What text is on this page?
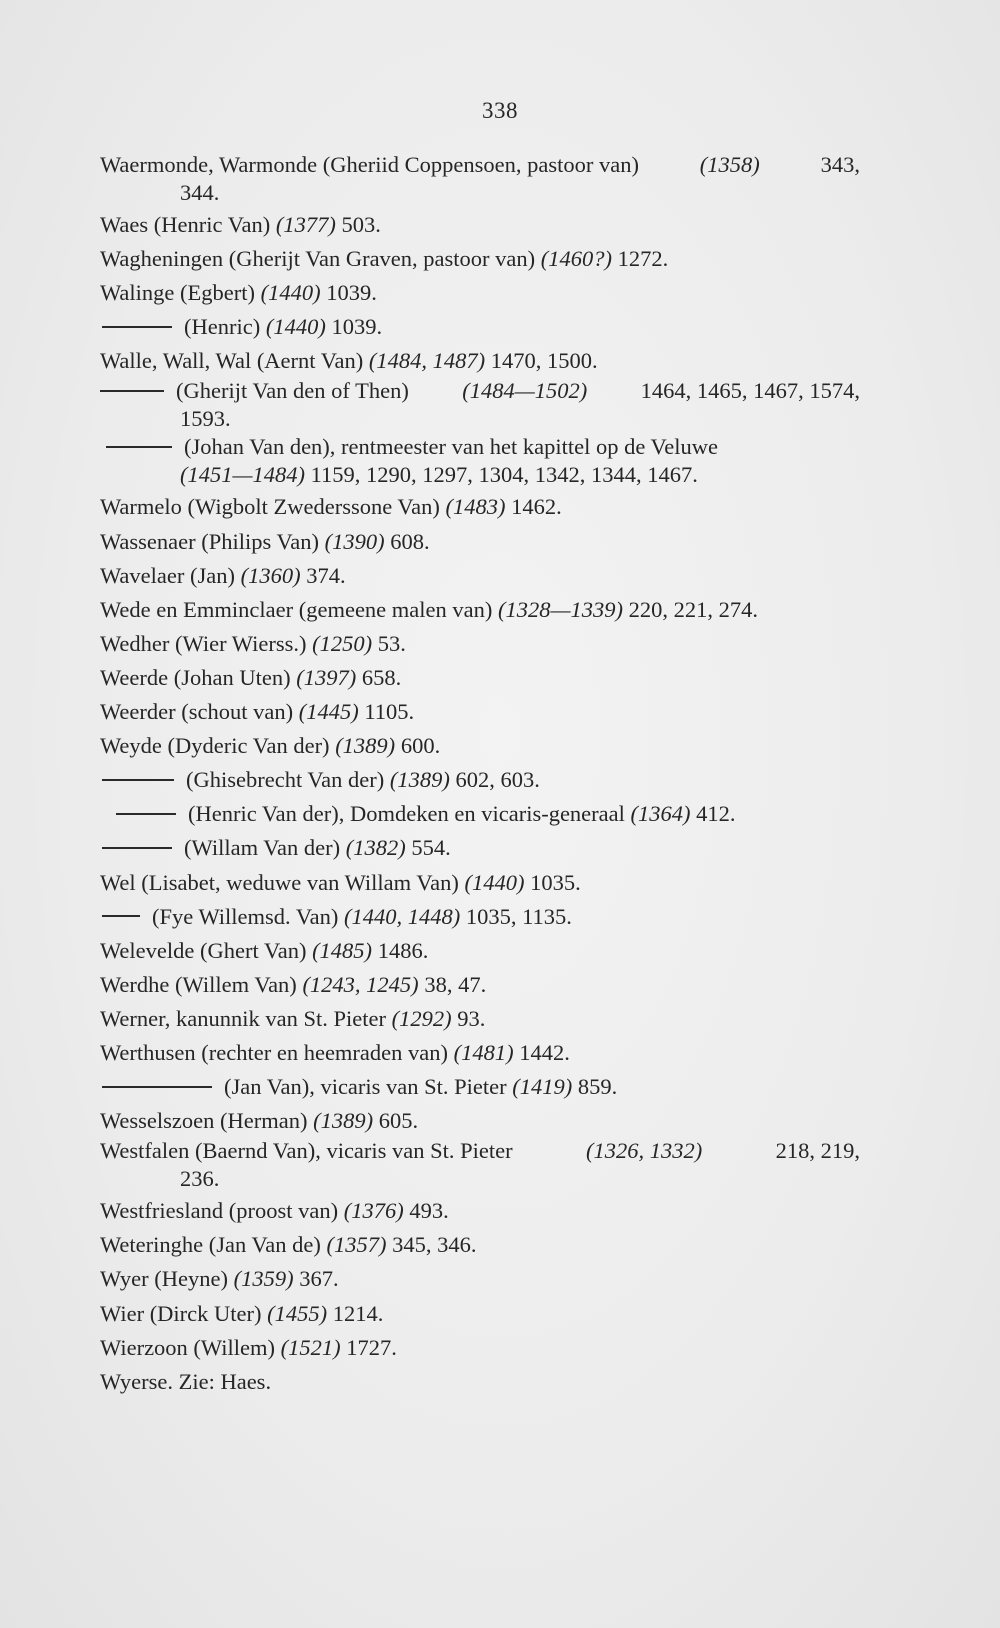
338
Waermonde, Warmonde (Gheriid Coppensoen, pastoor van)	(1358)	343,
344.
Waes (Henric Van) (1377) 503.
Wagheningen (Gherijt Van Graven, pastoor van) (1460?) 1272.
Walinge (Egbert) (1440) 1039.
(Henric) (1440) 1039.
Walle, Wall, Wal (Aernt Van) (1484, 1487) 1470, 1500.
(Gherijt Van den of Then) (1484—1502) 1464, 1465, 1467, 1574,
1593.
(Johan Van den), rentmeester van het kapittel op de Veluwe
(1451—1484) 1159, 1290, 1297, 1304, 1342, 1344, 1467.
Warmelo (Wigbolt Zwederssone Van) (1483) 1462.
Wassenaer (Philips Van) (1390) 608.
Wavelaer (Jan) (1360) 374.
Wede en Emminclaer (gemeene malen van) (1328—1339) 220, 221, 274.
Wedher (Wier Wierss.) (1250) 53.
Weerde (Johan Uten) (1397) 658.
Weerder (schout van) (1445) 1105.
Weyde (Dyderic Van der) (1389) 600.
(Ghisebrecht Van der) (1389) 602, 603.
(Henric Van der), Domdeken en vicaris-generaal (1364) 412.
(Willam Van der) (1382) 554.
Wel (Lisabet, weduwe van Willam Van) (1440) 1035.
(Fye Willemsd. Van) (1440, 1448) 1035, 1135.
Welevelde (Ghert Van) (1485) 1486.
Werdhe (Willem Van) (1243, 1245) 38, 47.
Werner, kanunnik van St. Pieter (1292) 93.
Werthusen (rechter en heemraden van) (1481) 1442.
(Jan Van), vicaris van St. Pieter (1419) 859.
Wesselszoen (Herman) (1389) 605.
Westfalen (Baernd Van), vicaris van St. Pieter	(1326, 1332)	218, 219,
236.
Westfriesland (proost van) (1376) 493.
Weteringhe (Jan Van de) (1357) 345, 346.
Wyer (Heyne) (1359) 367.
Wier (Dirck Uter) (1455) 1214.
Wierzoon (Willem) (1521) 1727.
Wyerse. Zie: Haes.
